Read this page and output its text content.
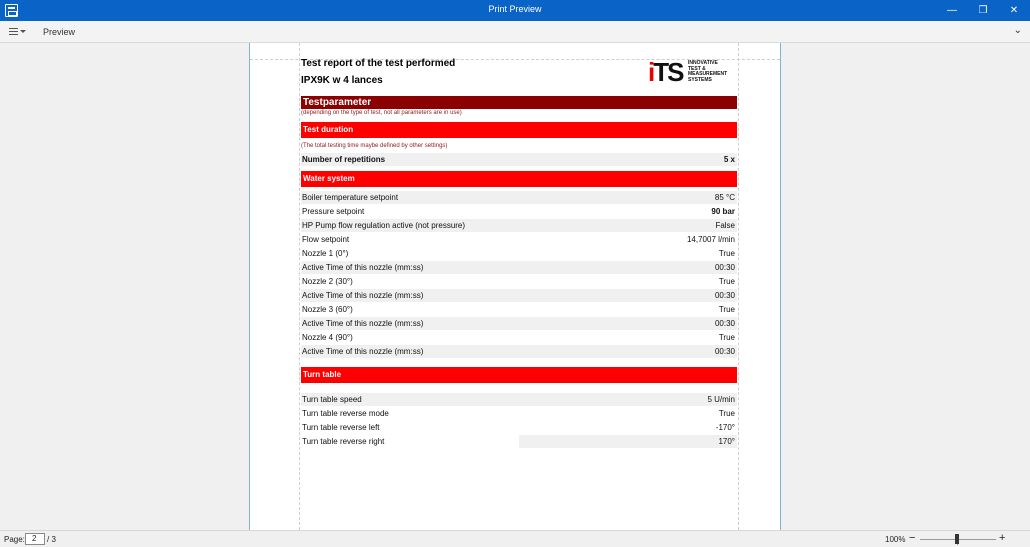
Print Preview	— ❐ ✕
Preview	⌄
Test report of the test performed
IPX9K w 4 lances	iTS INNOVATIVE
TEST &
MEASUREMENT
SYSTEMS
Testparameter
(depending on the type of test, not all parameters are in use)
Test duration
(The total testing time maybe defined by other settings)
Number of repetitions	5 x
Water system
Boiler temperature setpoint	85 °C
Pressure setpoint	90 bar
HP Pump flow regulation active (not pressure)	False
Flow setpoint	14,7007 l/min
Nozzle 1 (0°)	True
Active Time of this nozzle (mm:ss)	00:30
Nozzle 2 (30°)	True
Active Time of this nozzle (mm:ss)	00:30
Nozzle 3 (60°)	True
Active Time of this nozzle (mm:ss)	00:30
Nozzle 4 (90°)	True
Active Time of this nozzle (mm:ss)	00:30
Turn table
Turn table speed	5 U/min
Turn table reverse mode	True
Turn table reverse left	-170°
Turn table reverse right	170°
Page: 2	/ 3	100% −	+
